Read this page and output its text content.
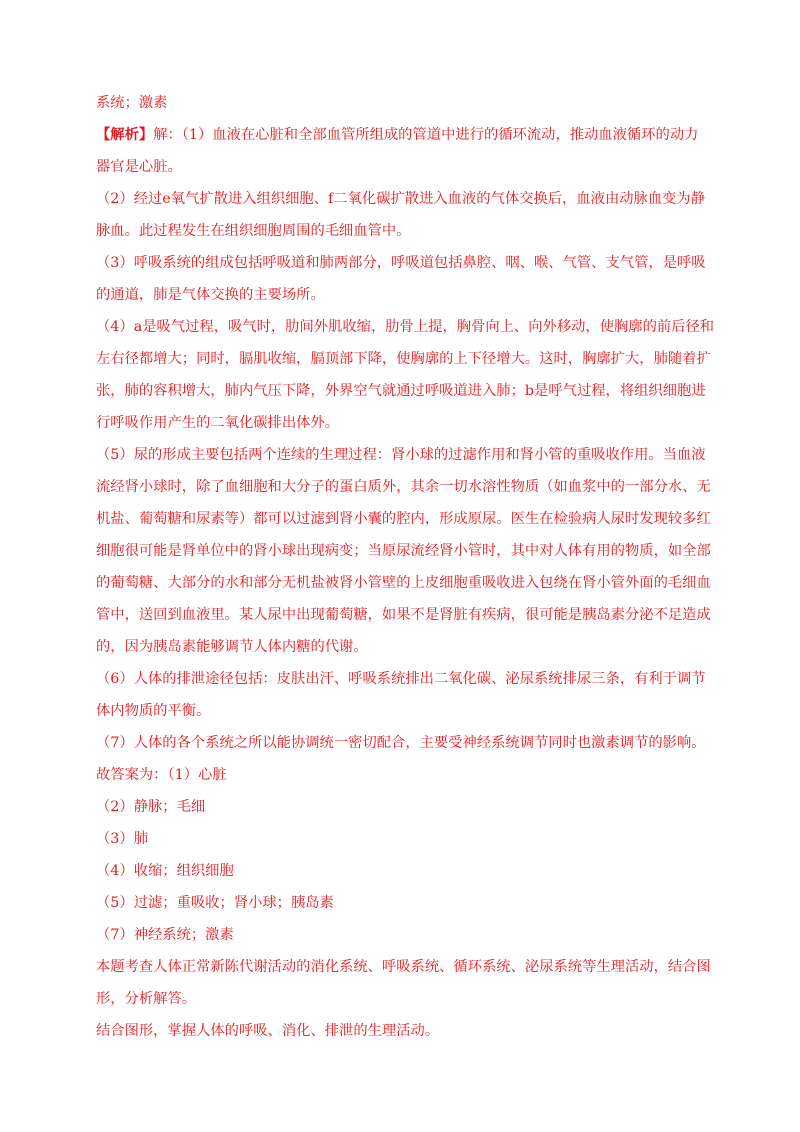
系统；激素
【解析】解：（1）血液在心脏和全部血管所组成的管道中进行的循环流动，推动血液循环的动力
器官是心脏。
（2）经过e氧气扩散进入组织细胞、f二氧化碳扩散进入血液的气体交换后，血液由动脉血变为静
脉血。此过程发生在组织细胞周围的毛细血管中。
（3）呼吸系统的组成包括呼吸道和肺两部分，呼吸道包括鼻腔、咽、喉、气管、支气管，是呼吸
的通道，肺是气体交换的主要场所。
（4）a是吸气过程，吸气时，肋间外肌收缩，肋骨上提，胸骨向上、向外移动，使胸廓的前后径和
左右径都增大；同时，膈肌收缩，膈顶部下降，使胸廓的上下径增大。这时，胸廓扩大，肺随着扩
张，肺的容积增大，肺内气压下降，外界空气就通过呼吸道进入肺；b是呼气过程，将组织细胞进
行呼吸作用产生的二氧化碳排出体外。
（5）尿的形成主要包括两个连续的生理过程：肾小球的过滤作用和肾小管的重吸收作用。当血液
流经肾小球时，除了血细胞和大分子的蛋白质外，其余一切水溶性物质（如血浆中的一部分水、无
机盐、葡萄糖和尿素等）都可以过滤到肾小囊的腔内，形成原尿。医生在检验病人尿时发现较多红
细胞很可能是肾单位中的肾小球出现病变；当原尿流经肾小管时，其中对人体有用的物质，如全部
的葡萄糖、大部分的水和部分无机盐被肾小管壁的上皮细胞重吸收进入包绕在肾小管外面的毛细血
管中，送回到血液里。某人尿中出现葡萄糖，如果不是肾脏有疾病，很可能是胰岛素分泌不足造成
的，因为胰岛素能够调节人体内糖的代谢。
（6）人体的排泄途径包括：皮肤出汗、呼吸系统排出二氧化碳、泌尿系统排尿三条，有利于调节
体内物质的平衡。
（7）人体的各个系统之所以能协调统一密切配合，主要受神经系统调节同时也激素调节的影响。
故答案为：（1）心脏
（2）静脉；毛细
（3）肺
（4）收缩；组织细胞
（5）过滤；重吸收；肾小球；胰岛素
（7）神经系统；激素
本题考查人体正常新陈代谢活动的消化系统、呼吸系统、循环系统、泌尿系统等生理活动，结合图
形，分析解答。
结合图形，掌握人体的呼吸、消化、排泄的生理活动。
